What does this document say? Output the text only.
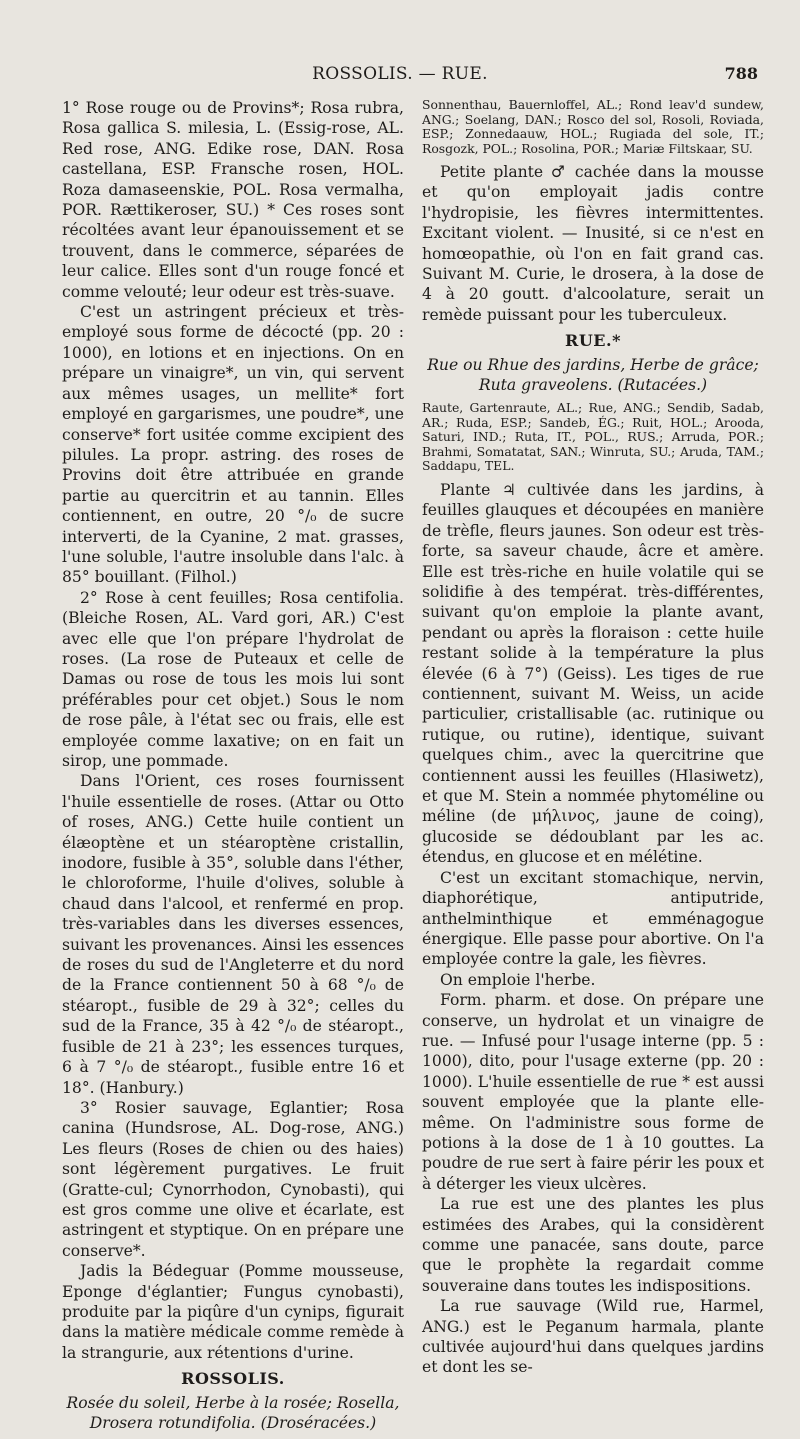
ROSSOLIS. — RUE.	788

1° Rose rouge ou de Provins*; Rosa rubra, Rosa gallica S. milesia, L. (Essig-rose, AL. Red rose, ANG. Edike rose, DAN. Rosa castellana, ESP. Fransche rosen, HOL. Roza damaseenskie, POL. Rosa vermalha, POR. Rættikeroser, SU.) * Ces roses sont récoltées avant leur épanouissement et se trouvent, dans le commerce, séparées de leur calice. Elles sont d'un rouge foncé et comme velouté; leur odeur est très-suave.

C'est un astringent précieux et très-employé sous forme de décocté (pp. 20 : 1000), en lotions et en injections. On en prépare un vinaigre*, un vin, qui servent aux mêmes usages, un mellite* fort employé en gargarismes, une poudre*, une conserve* fort usitée comme excipient des pilules. La propr. astring. des roses de Provins doit être attribuée en grande partie au quercitrin et au tannin. Elles contiennent, en outre, 20 °/₀ de sucre interverti, de la Cyanine, 2 mat. grasses, l'une soluble, l'autre insoluble dans l'alc. à 85° bouillant. (Filhol.)

2° Rose à cent feuilles; Rosa centifolia. (Bleiche Rosen, AL. Vard gori, AR.) C'est avec elle que l'on prépare l'hydrolat de roses. (La rose de Puteaux et celle de Damas ou rose de tous les mois lui sont préférables pour cet objet.) Sous le nom de rose pâle, à l'état sec ou frais, elle est employée comme laxative; on en fait un sirop, une pommade.

Dans l'Orient, ces roses fournissent l'huile essentielle de roses. (Attar ou Otto of roses, ANG.) Cette huile contient un élæoptène et un stéaroptène cristallin, inodore, fusible à 35°, soluble dans l'éther, le chloroforme, l'huile d'olives, soluble à chaud dans l'alcool, et renfermé en prop. très-variables dans les diverses essences, suivant les provenances. Ainsi les essences de roses du sud de l'Angleterre et du nord de la France contiennent 50 à 68 °/₀ de stéaropt., fusible de 29 à 32°; celles du sud de la France, 35 à 42 °/₀ de stéaropt., fusible de 21 à 23°; les essences turques, 6 à 7 °/₀ de stéaropt., fusible entre 16 et 18°. (Hanbury.)

3° Rosier sauvage, Eglantier; Rosa canina (Hundsrose, AL. Dog-rose, ANG.) Les fleurs (Roses de chien ou des haies) sont légèrement purgatives. Le fruit (Gratte-cul; Cynorrhodon, Cynobasti), qui est gros comme une olive et écarlate, est astringent et styptique. On en prépare une conserve*.

Jadis la Bédeguar (Pomme mousseuse, Eponge d'églantier; Fungus cynobasti), produite par la piqûre d'un cynips, figurait dans la matière médicale comme remède à la strangurie, aux rétentions d'urine.

ROSSOLIS.

Rosée du soleil, Herbe à la rosée; Rosella, Drosera rotundifolia. (Droséracées.)

Sonnenthau, Bauernloffel, AL.; Rond leav'd sundew, ANG.; Soelang, DAN.; Rosco del sol, Rosoli, Roviada, ESP.; Zonnedaauw, HOL.; Rugiada del sole, IT.; Rosgozk, POL.; Rosolina, POR.; Mariæ Filtskaar, SU.

Petite plante ♂ cachée dans la mousse et qu'on employait jadis contre l'hydropisie, les fièvres intermittentes. Excitant violent. — Inusité, si ce n'est en homœopathie, où l'on en fait grand cas. Suivant M. Curie, le drosera, à la dose de 4 à 20 goutt. d'alcoolature, serait un remède puissant pour les tuberculeux.

RUE.*

Rue ou Rhue des jardins, Herbe de grâce; Ruta graveolens. (Rutacées.)

Raute, Gartenraute, AL.; Rue, ANG.; Sendib, Sadab, AR.; Ruda, ESP.; Sandeb, ÉG.; Ruit, HOL.; Arooda, Saturi, IND.; Ruta, IT., POL., RUS.; Arruda, POR.; Brahmi, Somatatat, SAN.; Winruta, SU.; Aruda, TAM.; Saddapu, TEL.

Plante ♃ cultivée dans les jardins, à feuilles glauques et découpées en manière de trèfle, fleurs jaunes. Son odeur est très-forte, sa saveur chaude, âcre et amère. Elle est très-riche en huile volatile qui se solidifie à des températ. très-différentes, suivant qu'on emploie la plante avant, pendant ou après la floraison : cette huile restant solide à la température la plus élevée (6 à 7°) (Geiss). Les tiges de rue contiennent, suivant M. Weiss, un acide particulier, cristallisable (ac. rutinique ou rutique, ou rutine), identique, suivant quelques chim., avec la quercitrine que contiennent aussi les feuilles (Hlasiwetz), et que M. Stein a nommée phytoméline ou méline (de μήλινος, jaune de coing), glucoside se dédoublant par les ac. étendus, en glucose et en mélétine.

C'est un excitant stomachique, nervin, diaphorétique, antiputride, anthelminthique et emménagogue énergique. Elle passe pour abortive. On l'a employée contre la gale, les fièvres.

On emploie l'herbe.

Form. pharm. et dose. On prépare une conserve, un hydrolat et un vinaigre de rue. — Infusé pour l'usage interne (pp. 5 : 1000), dito, pour l'usage externe (pp. 20 : 1000). L'huile essentielle de rue * est aussi souvent employée que la plante elle-même. On l'administre sous forme de potions à la dose de 1 à 10 gouttes. La poudre de rue sert à faire périr les poux et à déterger les vieux ulcères.

La rue est une des plantes les plus estimées des Arabes, qui la considèrent comme une panacée, sans doute, parce que le prophète la regardait comme souveraine dans toutes les indispositions.

La rue sauvage (Wild rue, Harmel, ANG.) est le Peganum harmala, plante cultivée aujourd'hui dans quelques jardins et dont les se-
